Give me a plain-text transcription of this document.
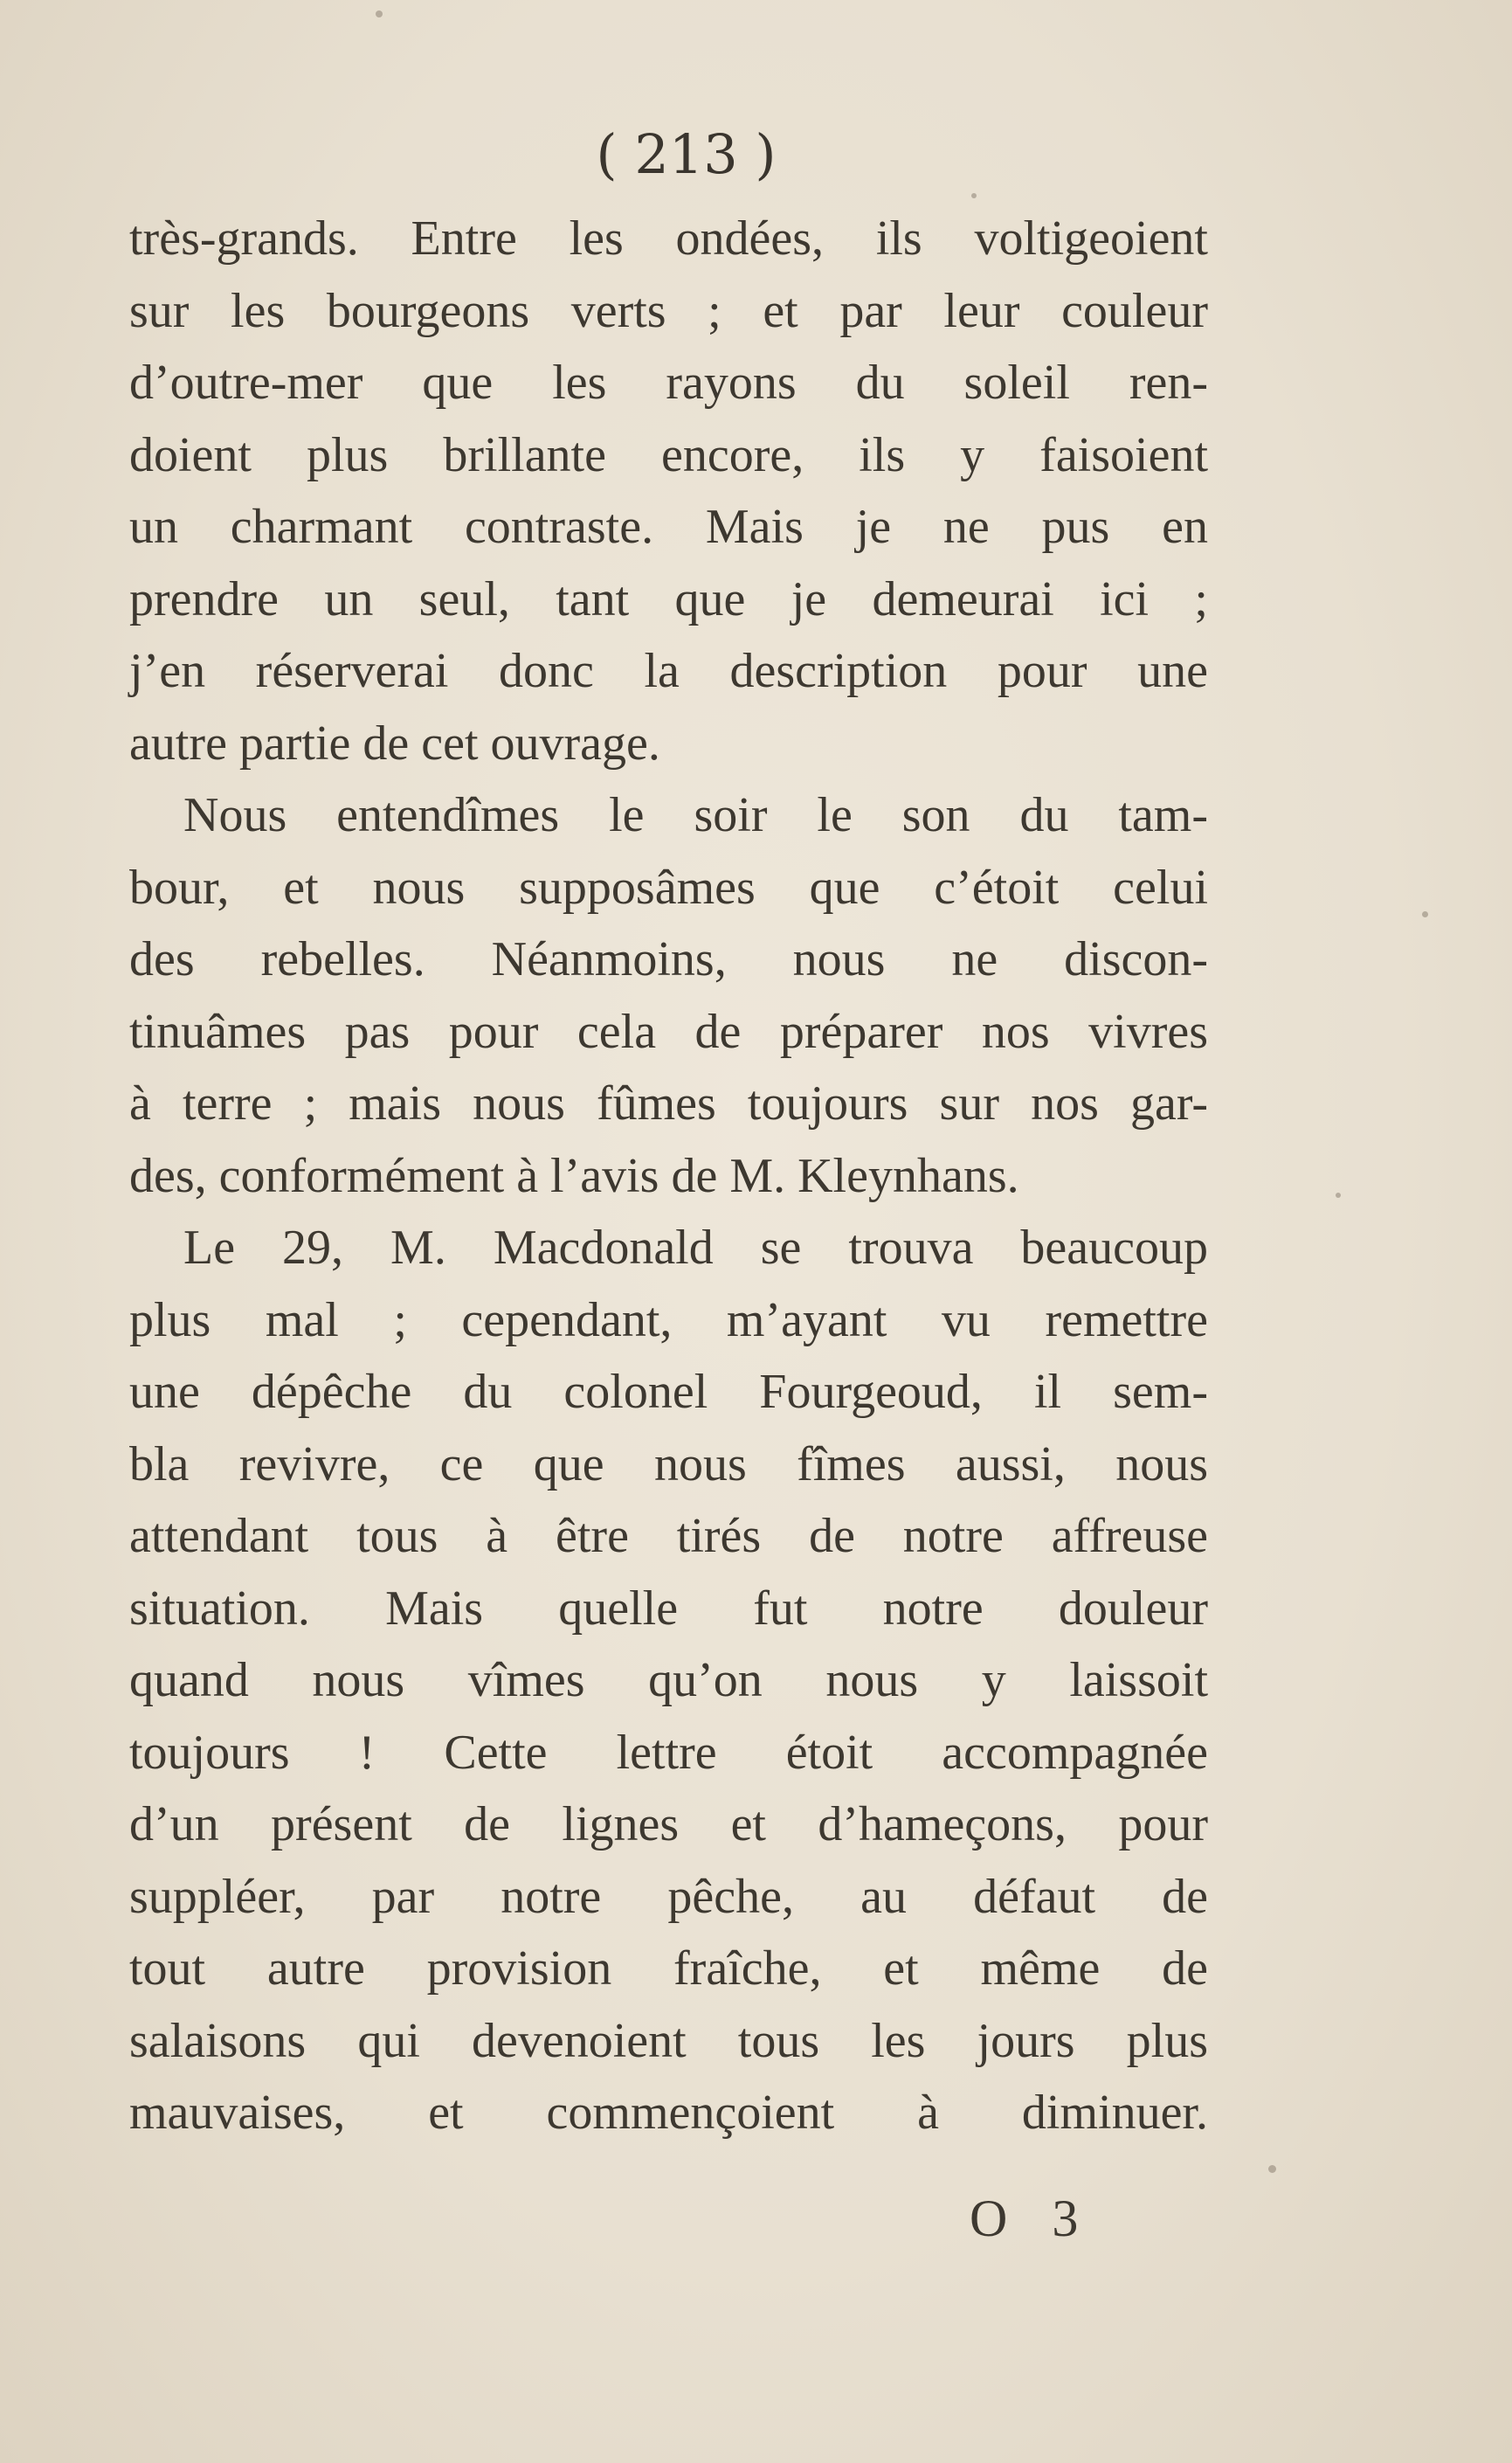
( 213 )
très-grands. Entre les ondées, ils voltigeoient
sur les bourgeons verts ; et par leur couleur
d’outre-mer que les rayons du soleil ren-
doient plus brillante encore, ils y faisoient
un charmant contraste. Mais je ne pus en
prendre un seul, tant que je demeurai ici ;
j’en réserverai donc la description pour une
autre partie de cet ouvrage.
Nous entendîmes le soir le son du tam-
bour, et nous supposâmes que c’étoit celui
des rebelles. Néanmoins, nous ne discon-
tinuâmes pas pour cela de préparer nos vivres
à terre ; mais nous fûmes toujours sur nos gar-
des, conformément à l’avis de M. Kleynhans.
Le 29, M. Macdonald se trouva beaucoup
plus mal ; cependant, m’ayant vu remettre
une dépêche du colonel Fourgeoud, il sem-
bla revivre, ce que nous fîmes aussi, nous
attendant tous à être tirés de notre affreuse
situation. Mais quelle fut notre douleur
quand nous vîmes qu’on nous y laissoit
toujours ! Cette lettre étoit accompagnée
d’un présent de lignes et d’hameçons, pour
suppléer, par notre pêche, au défaut de
tout autre provision fraîche, et même de
salaisons qui devenoient tous les jours plus
mauvaises, et commençoient à diminuer.
O 3
